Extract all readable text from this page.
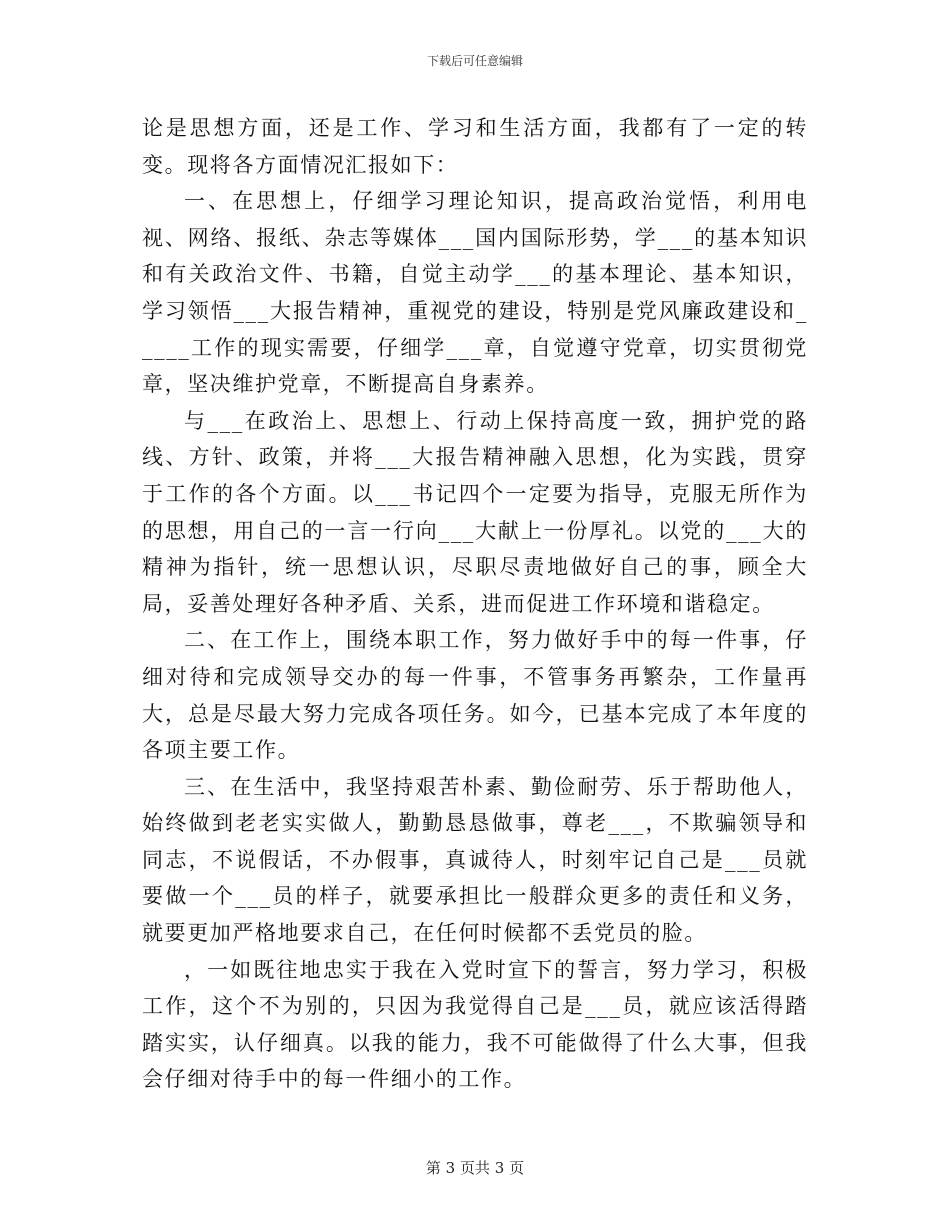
下载后可任意编辑

论是思想方面，还是工作、学习和生活方面，我都有了一定的转变。现将各方面情况汇报如下：

一、在思想上，仔细学习理论知识，提高政治觉悟，利用电视、网络、报纸、杂志等媒体___国内国际形势，学___的基本知识和有关政治文件、书籍，自觉主动学___的基本理论、基本知识，学习领悟___大报告精神，重视党的建设，特别是党风廉政建设和_____工作的现实需要，仔细学___章，自觉遵守党章，切实贯彻党章，坚决维护党章，不断提高自身素养。

与___在政治上、思想上、行动上保持高度一致，拥护党的路线、方针、政策，并将___大报告精神融入思想，化为实践，贯穿于工作的各个方面。以___书记四个一定要为指导，克服无所作为的思想，用自己的一言一行向___大献上一份厚礼。以党的___大的精神为指针，统一思想认识，尽职尽责地做好自己的事，顾全大局，妥善处理好各种矛盾、关系，进而促进工作环境和谐稳定。

二、在工作上，围绕本职工作，努力做好手中的每一件事，仔细对待和完成领导交办的每一件事，不管事务再繁杂，工作量再大，总是尽最大努力完成各项任务。如今，已基本完成了本年度的各项主要工作。

三、在生活中，我坚持艰苦朴素、勤俭耐劳、乐于帮助他人，始终做到老老实实做人，勤勤恳恳做事，尊老___，不欺骗领导和同志，不说假话，不办假事，真诚待人，时刻牢记自己是___员就要做一个___员的样子，就要承担比一般群众更多的责任和义务，就要更加严格地要求自己，在任何时候都不丢党员的脸。

，一如既往地忠实于我在入党时宣下的誓言，努力学习，积极工作，这个不为别的，只因为我觉得自己是___员，就应该活得踏踏实实，认仔细真。以我的能力，我不可能做得了什么大事，但我会仔细对待手中的每一件细小的工作。

第 3 页共 3 页
